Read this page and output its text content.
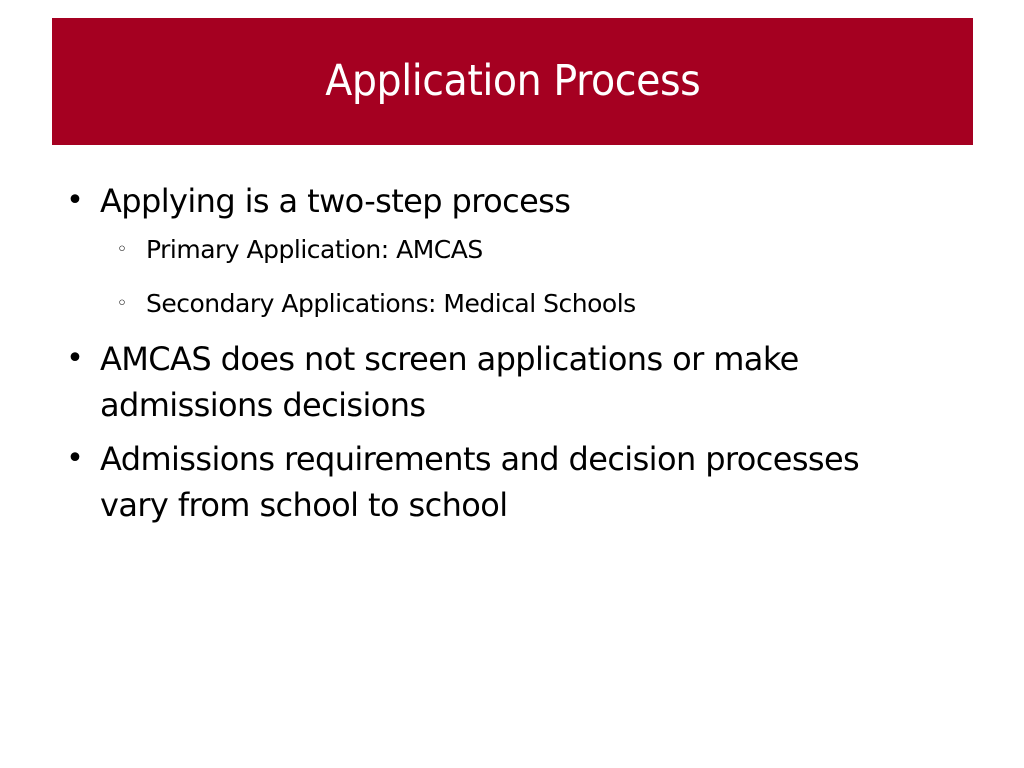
Application Process
• Applying is a two-step process
◦ Primary Application: AMCAS
◦ Secondary Applications: Medical Schools
• AMCAS does not screen applications or make
admissions decisions
• Admissions requirements and decision processes
vary from school to school
